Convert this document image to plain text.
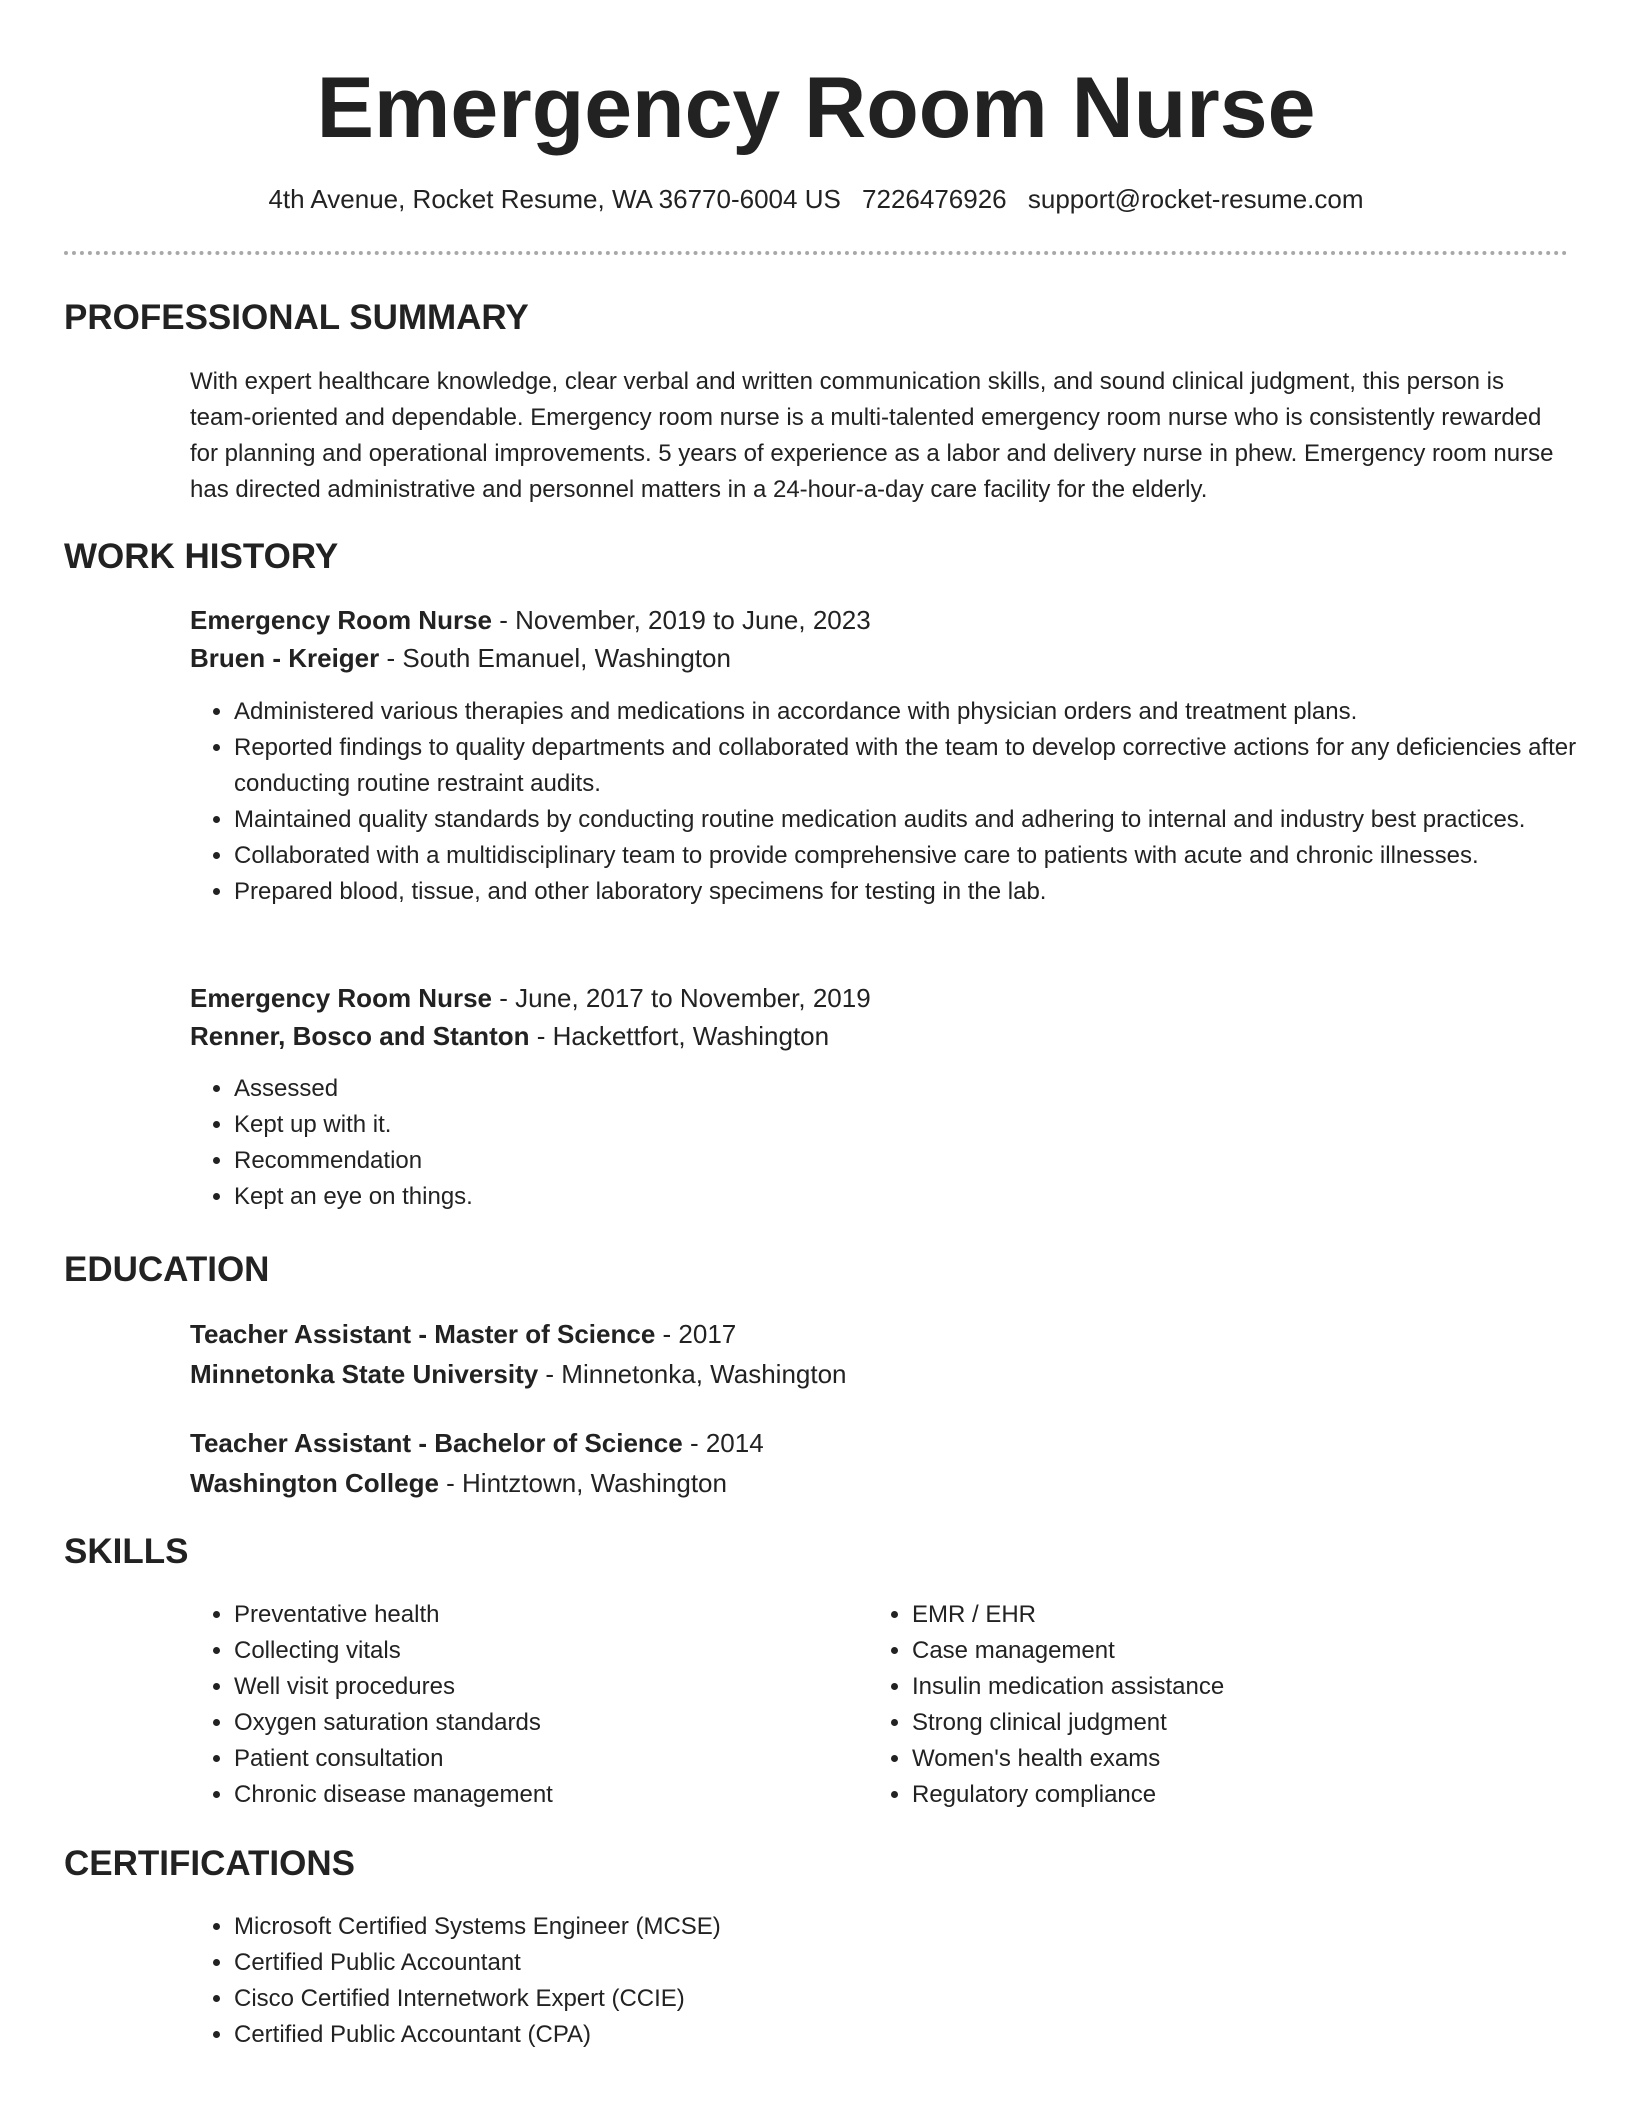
Emergency Room Nurse
4th Avenue, Rocket Resume, WA 36770-6004 US 7226476926 support@rocket-resume.com
PROFESSIONAL SUMMARY

With expert healthcare knowledge, clear verbal and written communication skills, and sound clinical judgment, this person is team-oriented and dependable. Emergency room nurse is a multi-talented emergency room nurse who is consistently rewarded for planning and operational improvements. 5 years of experience as a labor and delivery nurse in phew. Emergency room nurse has directed administrative and personnel matters in a 24-hour-a-day care facility for the elderly.

WORK HISTORY

Emergency Room Nurse - November, 2019 to June, 2023

Bruen - Kreiger - South Emanuel, Washington

• Administered various therapies and medications in accordance with physician orders and treatment plans.
• Reported findings to quality departments and collaborated with the team to develop corrective actions for any deficiencies after conducting routine restraint audits.
• Maintained quality standards by conducting routine medication audits and adhering to internal and industry best practices.
• Collaborated with a multidisciplinary team to provide comprehensive care to patients with acute and chronic illnesses.
• Prepared blood, tissue, and other laboratory specimens for testing in the lab.

Emergency Room Nurse - June, 2017 to November, 2019

Renner, Bosco and Stanton - Hackettfort, Washington

• Assessed
• Kept up with it.
• Recommendation
• Kept an eye on things.
EDUCATION

Teacher Assistant - Master of Science - 2017

Minnetonka State University - Minnetonka, Washington

Teacher Assistant - Bachelor of Science - 2014

Washington College - Hintztown, Washington

SKILLS
• Preventative health
• Collecting vitals
• Well visit procedures
• Oxygen saturation standards
• Patient consultation
• Chronic disease management
• EMR / EHR
• Case management
• Insulin medication assistance
• Strong clinical judgment
• Women's health exams
• Regulatory compliance
CERTIFICATIONS
• Microsoft Certified Systems Engineer (MCSE)
• Certified Public Accountant
• Cisco Certified Internetwork Expert (CCIE)
• Certified Public Accountant (CPA)
